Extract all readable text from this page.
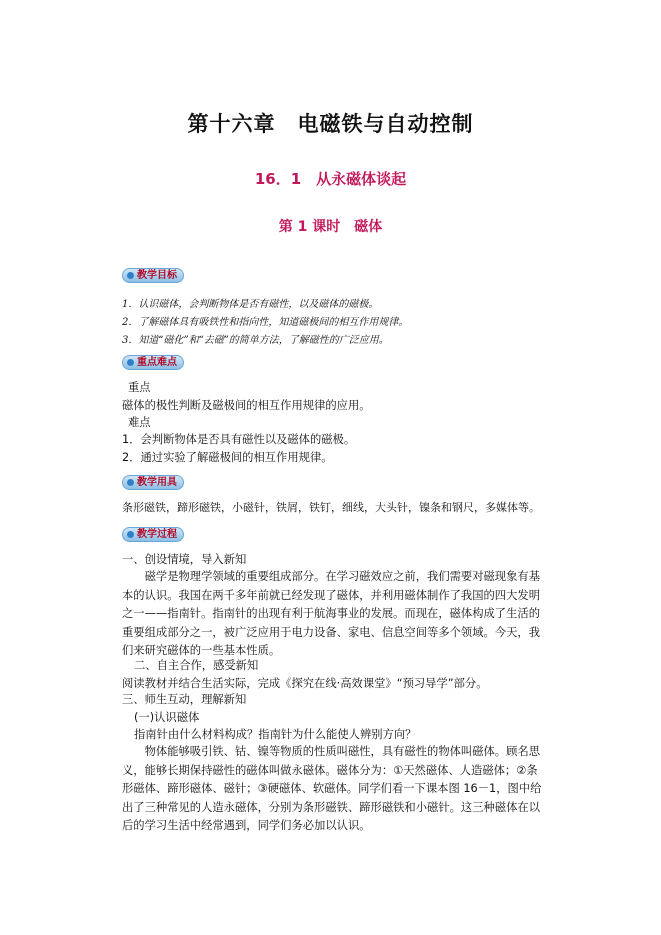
第十六章　电磁铁与自动控制
16．1　从永磁体谈起
第 1 课时　磁体
教学目标
1．认识磁体，会判断物体是否有磁性，以及磁体的磁极。
2．了解磁体具有吸铁性和指向性，知道磁极间的相互作用规律。
3．知道“磁化”和“去磁”的简单方法，了解磁性的广泛应用。
重点难点
重点
磁体的极性判断及磁极间的相互作用规律的应用。
难点
1．会判断物体是否具有磁性以及磁体的磁极。
2．通过实验了解磁极间的相互作用规律。
教学用具
条形磁铁，蹄形磁铁，小磁针，铁屑，铁钉，细线，大头针，镍条和钢尺，多媒体等。
教学过程
一、创设情境，导入新知
磁学是物理学领域的重要组成部分。在学习磁效应之前，我们需要对磁现象有基本的认识。我国在两千多年前就已经发现了磁体，并利用磁体制作了我国的四大发明之一——指南针。指南针的出现有利于航海事业的发展。而现在，磁体构成了生活的重要组成部分之一，被广泛应用于电力设备、家电、信息空间等多个领域。今天，我们来研究磁体的一些基本性质。
二、自主合作，感受新知
阅读教材并结合生活实际，完成《探究在线·高效课堂》“预习导学”部分。
三、师生互动，理解新知
(一)认识磁体
指南针由什么材料构成？指南针为什么能使人辨别方向？
物体能够吸引铁、钴、镍等物质的性质叫磁性，具有磁性的物体叫磁体。顾名思义，能够长期保持磁性的磁体叫做永磁体。磁体分为：①天然磁体、人造磁体；②条形磁体、蹄形磁体、磁针；③硬磁体、软磁体。同学们看一下课本图 16－1，图中给出了三种常见的人造永磁体，分别为条形磁铁、蹄形磁铁和小磁针。这三种磁体在以后的学习生活中经常遇到，同学们务必加以认识。
